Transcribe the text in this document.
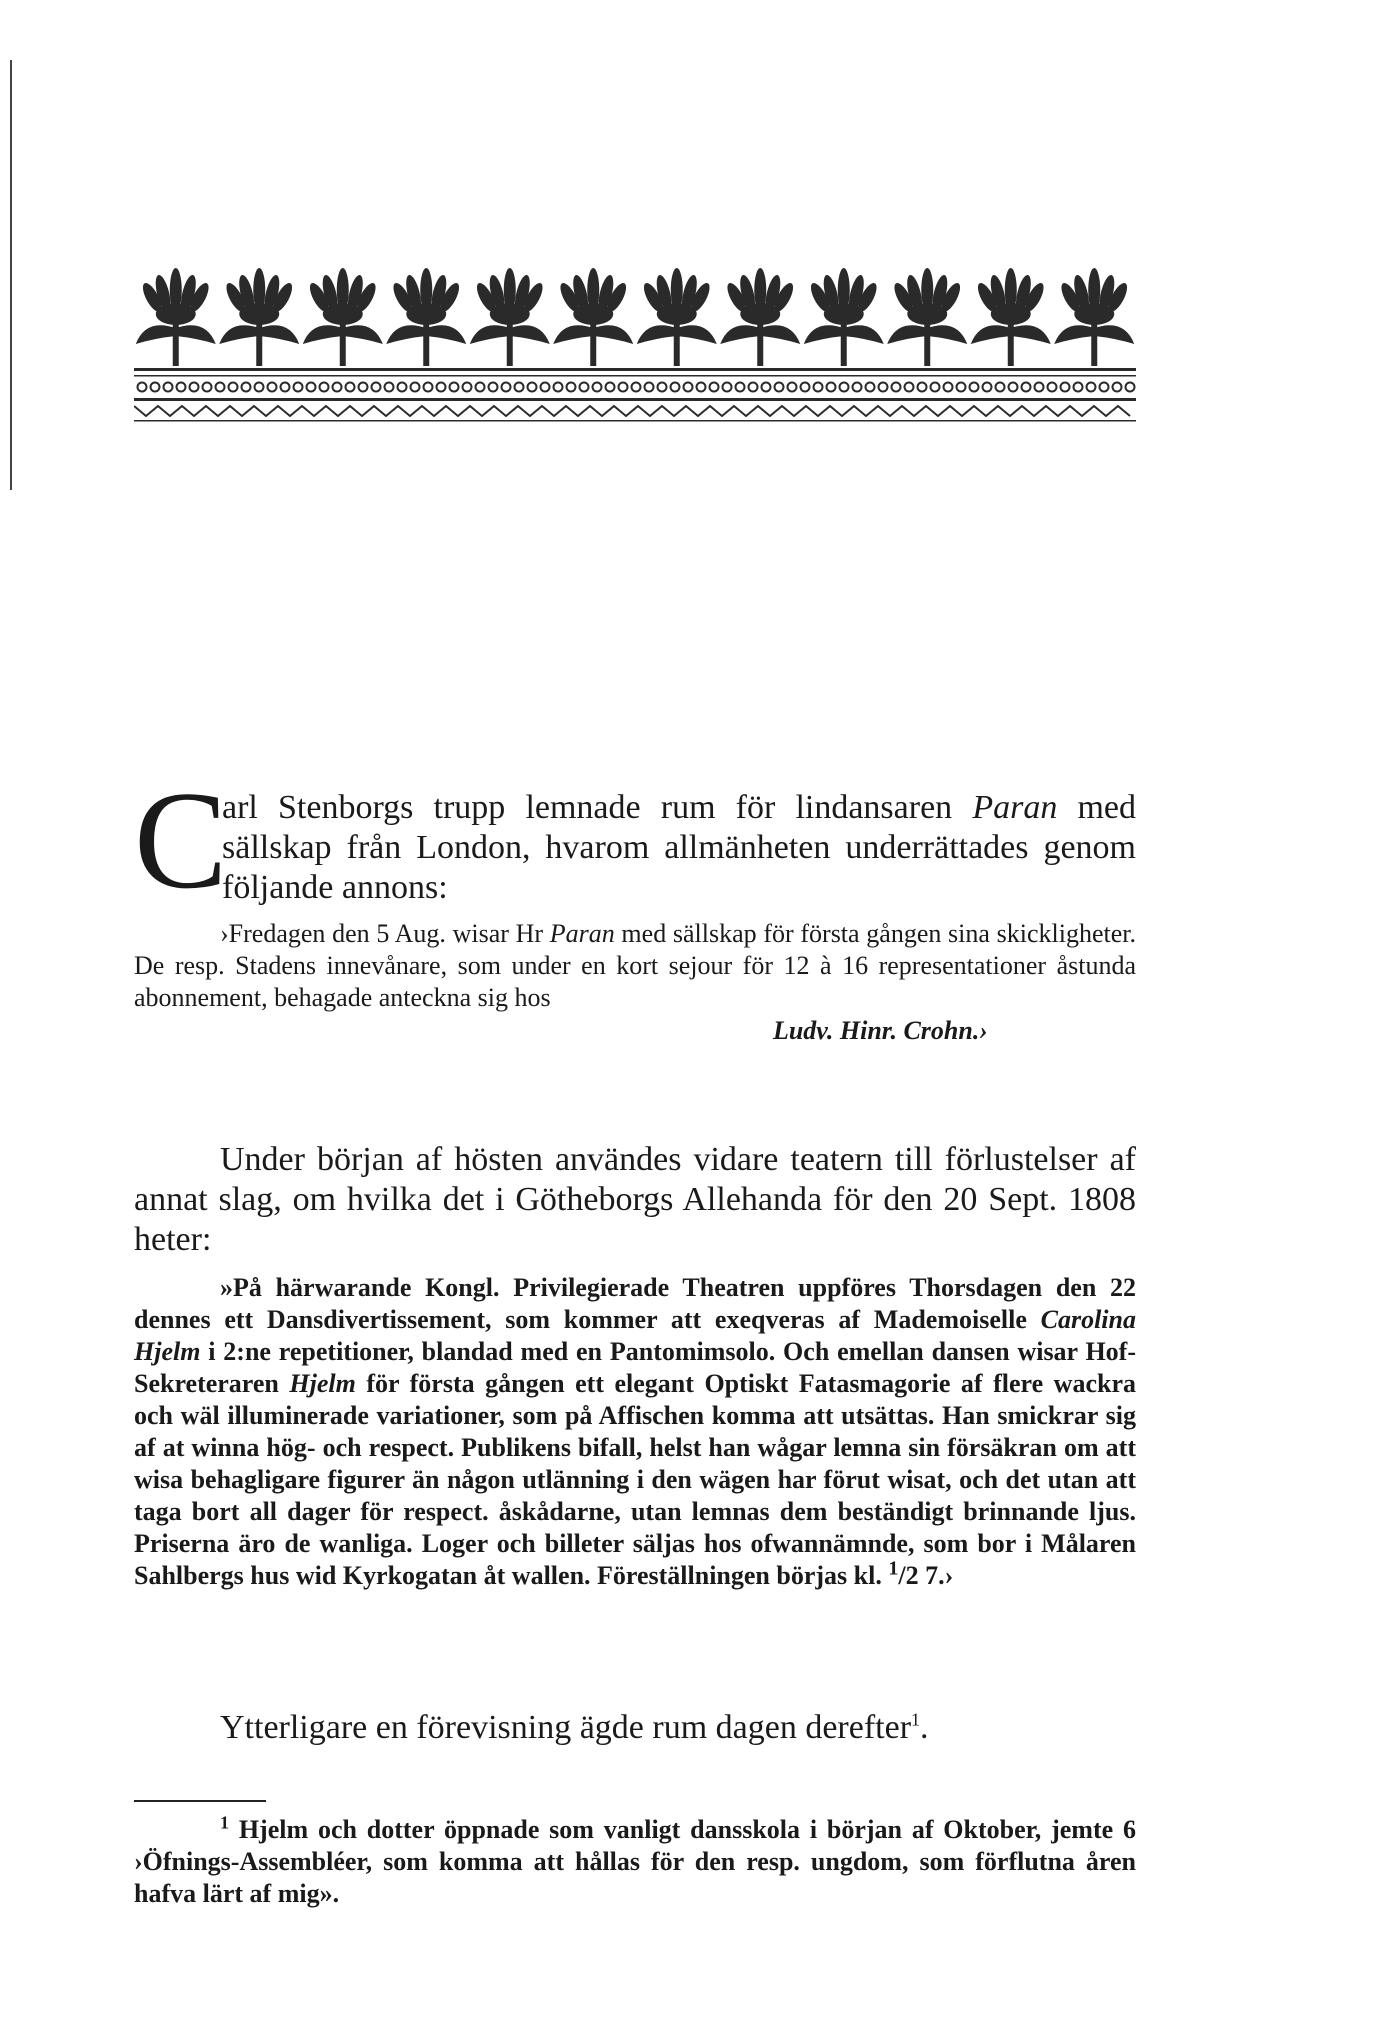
C
arl Stenborgs trupp lemnade rum för lindansaren Paran med sällskap från London, hvarom allmänheten underrättades genom följande annons:

›Fredagen den 5 Aug. wisar Hr Paran med sällskap för första gången sina skickligheter. De resp. Stadens innevånare, som under en kort sejour för 12 à 16 representationer åstunda abonnement, behagade anteckna sig hos

Ludv. Hinr. Crohn.›

Under början af hösten användes vidare teatern till förlustelser af annat slag, om hvilka det i Götheborgs Allehanda för den 20 Sept. 1808 heter:

»På härwarande Kongl. Privilegierade Theatren uppföres Thorsdagen den 22 dennes ett Dansdivertissement, som kommer att exeqveras af Mademoiselle Carolina Hjelm i 2:ne repetitioner, blandad med en Pantomimsolo. Och emellan dansen wisar Hof-Sekreteraren Hjelm för första gången ett elegant Optiskt Fatasmagorie af flere wackra och wäl illuminerade variationer, som på Affischen komma att utsättas. Han smickrar sig af at winna hög- och respect. Publikens bifall, helst han wågar lemna sin försäkran om att wisa behagligare figurer än någon utlänning i den wägen har förut wisat, och det utan att taga bort all dager för respect. åskådarne, utan lemnas dem beständigt brinnande ljus. Priserna äro de wanliga. Loger och billeter säljas hos ofwannämnde, som bor i Målaren Sahlbergs hus wid Kyrkogatan åt wallen. Föreställningen börjas kl. $^1$/2 7.›

Ytterligare en förevisning ägde rum dagen derefter$^1$.

$^1$ Hjelm och dotter öppnade som vanligt dansskola i början af Oktober, jemte 6 ›Öfnings-Assembléer, som komma att hållas för den resp. ungdom, som förflutna åren hafva lärt af mig».
